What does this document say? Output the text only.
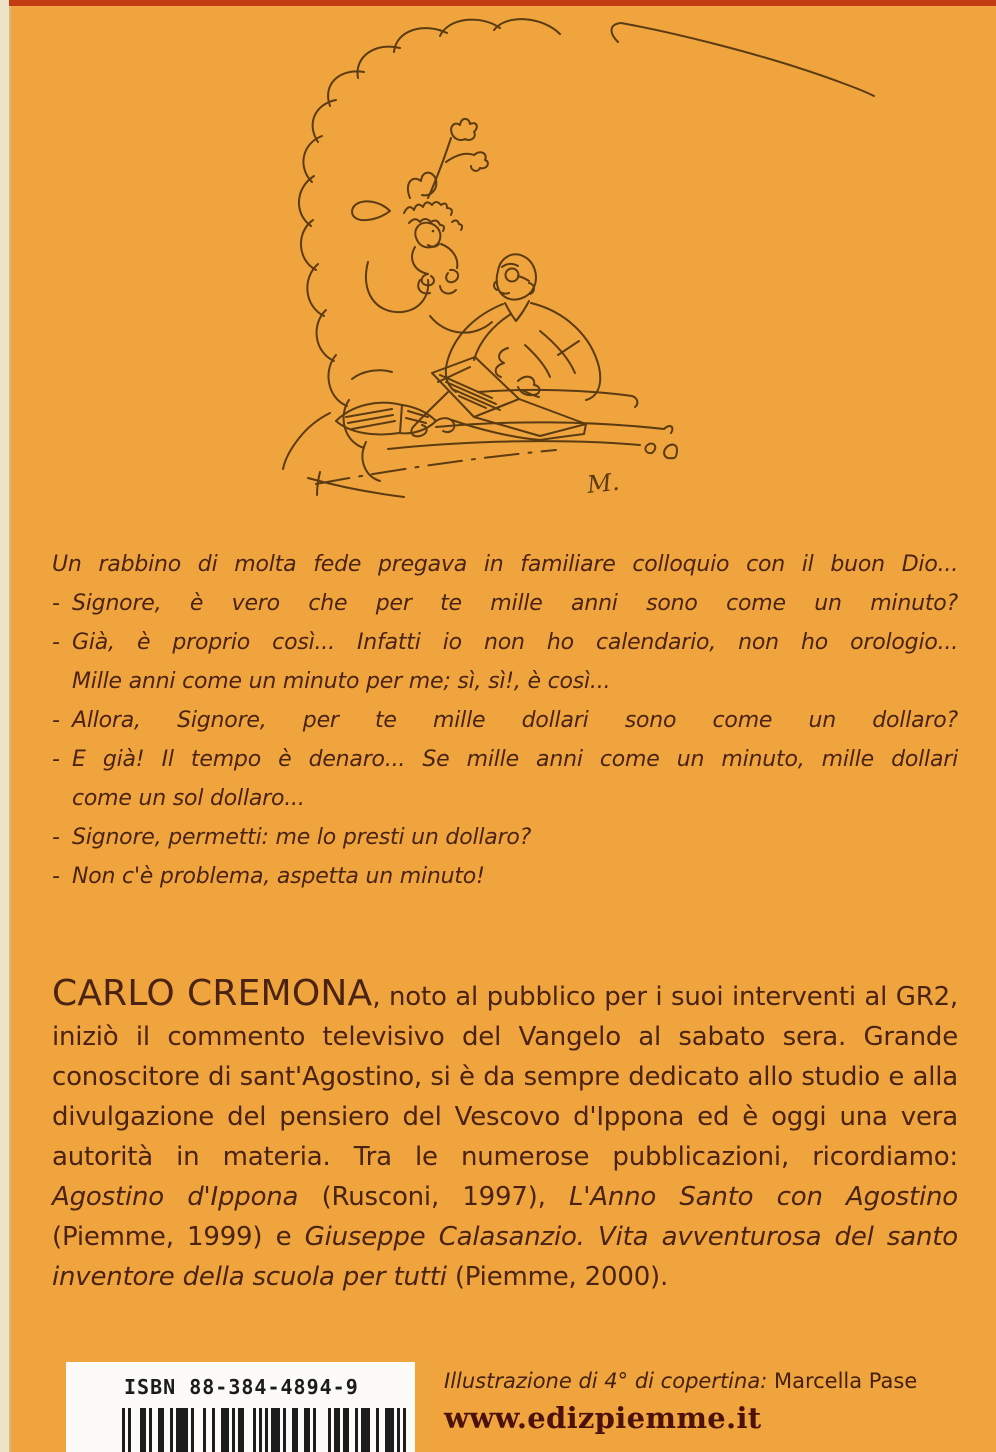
M.
Un rabbino di molta fede pregava in familiare colloquio con il buon Dio...
- Signore, è vero che per te mille anni sono come un minuto?
- Già, è proprio così... Infatti io non ho calendario, non ho orologio...
Mille anni come un minuto per me; sì, sì!, è così...
- Allora, Signore, per te mille dollari sono come un dollaro?
- E già! Il tempo è denaro... Se mille anni come un minuto, mille dollari
come un sol dollaro...
- Signore, permetti: me lo presti un dollaro?
- Non c'è problema, aspetta un minuto!

CARLO CREMONA, noto al pubblico per i suoi interventi al GR2, iniziò il commento televisivo del Vangelo al sabato sera. Grande conoscitore di sant'Agostino, si è da sempre dedicato allo studio e alla divulgazione del pensiero del Vescovo d'Ippona ed è oggi una vera autorità in materia. Tra le numerose pubblicazioni, ricordiamo: Agostino d'Ippona (Rusconi, 1997), L'Anno Santo con Agostino (Piemme, 1999) e Giuseppe Calasanzio. Vita avventurosa del santo inventore della scuola per tutti (Piemme, 2000).

ISBN 88-384-4894-9	Illustrazione di 4° di copertina: Marcella Pase
www.edizpiemme.it
